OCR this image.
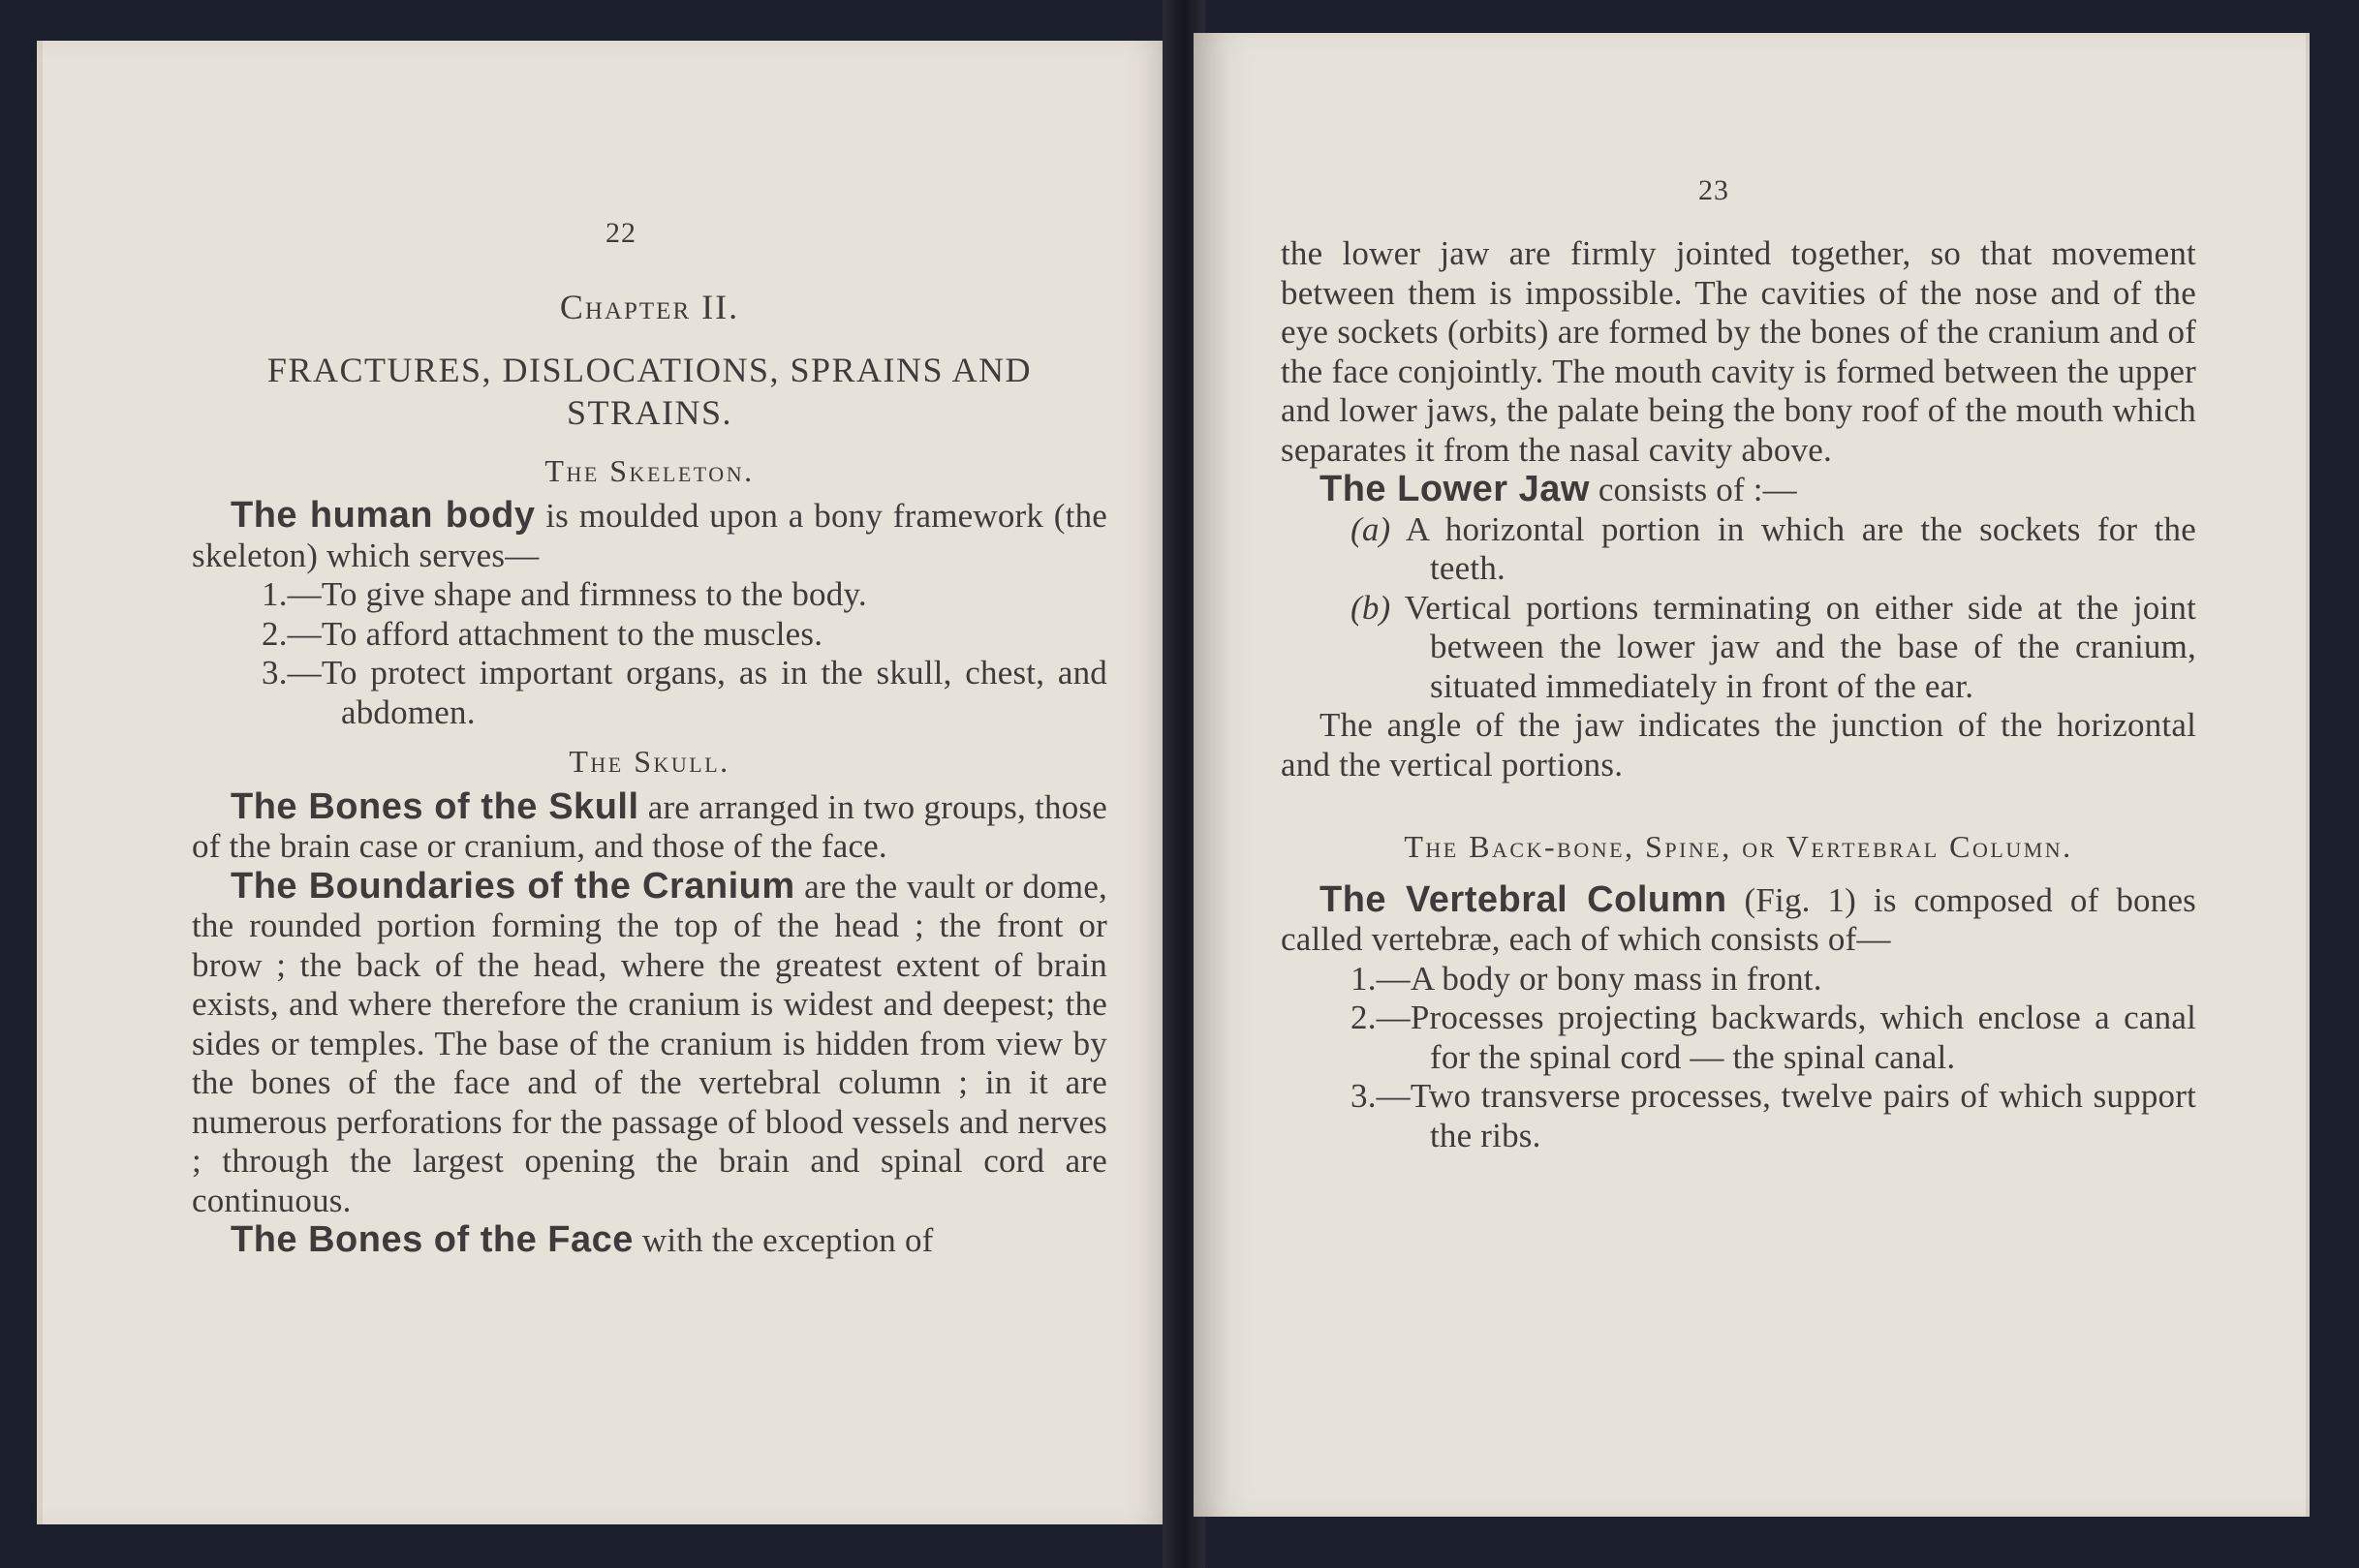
22
Chapter II.
FRACTURES, DISLOCATIONS, SPRAINS AND STRAINS.
The Skeleton.

The human body is moulded upon a bony framework (the skeleton) which serves—

1.—To give shape and firmness to the body.

2.—To afford attachment to the muscles.

3.—To protect important organs, as in the skull, chest, and abdomen.

The Skull.

The Bones of the Skull are arranged in two groups, those of the brain case or cranium, and those of the face.

The Boundaries of the Cranium are the vault or dome, the rounded portion forming the top of the head ; the front or brow ; the back of the head, where the greatest extent of brain exists, and where therefore the cranium is widest and deepest; the sides or temples. The base of the cranium is hidden from view by the bones of the face and of the vertebral column ; in it are numerous perforations for the passage of blood vessels and nerves ; through the largest opening the brain and spinal cord are continuous.

The Bones of the Face with the exception of

23

the lower jaw are firmly jointed together, so that movement between them is impossible. The cavities of the nose and of the eye sockets (orbits) are formed by the bones of the cranium and of the face conjointly. The mouth cavity is formed between the upper and lower jaws, the palate being the bony roof of the mouth which separates it from the nasal cavity above.

The Lower Jaw consists of :—

(a) A horizontal portion in which are the sockets for the teeth.

(b) Vertical portions terminating on either side at the joint between the lower jaw and the base of the cranium, situated immediately in front of the ear.

The angle of the jaw indicates the junction of the horizontal and the vertical portions.

The Back-bone, Spine, or Vertebral Column.

The Vertebral Column (Fig. 1) is composed of bones called vertebræ, each of which consists of—

1.—A body or bony mass in front.

2.—Processes projecting backwards, which enclose a canal for the spinal cord — the spinal canal.

3.—Two transverse processes, twelve pairs of which support the ribs.
